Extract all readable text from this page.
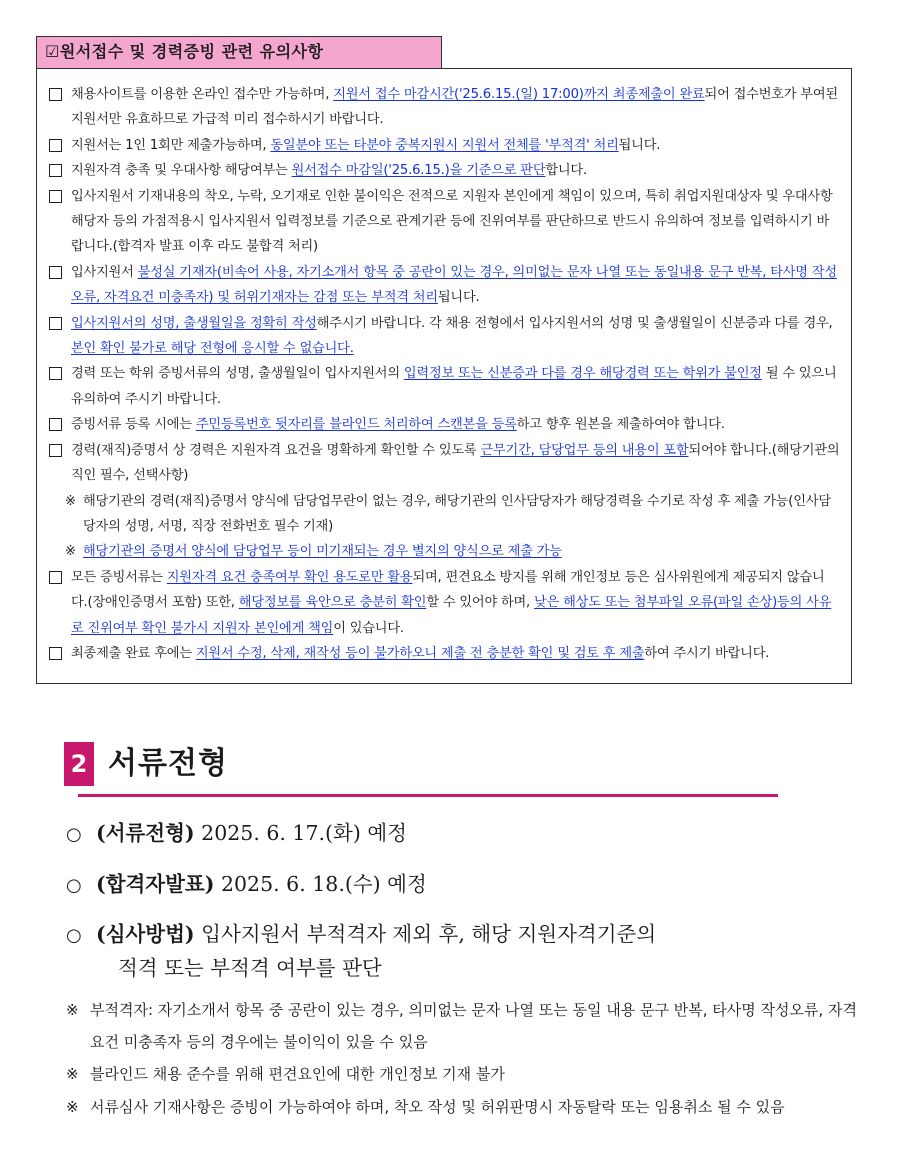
☑원서접수 및 경력증빙 관련 유의사항
채용사이트를 이용한 온라인 접수만 가능하며, 지원서 접수 마감시간('25.6.15.(일) 17:00)까지 최종제출이 완료되어 접수번호가 부여된 지원서만 유효하므로 가급적 미리 접수하시기 바랍니다.
지원서는 1인 1회만 제출가능하며, 동일분야 또는 타분야 중복지원시 지원서 전체를 '부적격' 처리됩니다.
지원자격 충족 및 우대사항 해당여부는 원서접수 마감일('25.6.15.)을 기준으로 판단합니다.
입사지원서 기재내용의 착오, 누락, 오기재로 인한 불이익은 전적으로 지원자 본인에게 책임이 있으며, 특히 취업지원대상자 및 우대사항 해당자 등의 가점적용시 입사지원서 입력정보를 기준으로 관계기관 등에 진위여부를 판단하므로 반드시 유의하여 정보를 입력하시기 바랍니다.(합격자 발표 이후 라도 불합격 처리)
입사지원서 불성실 기재자(비속어 사용, 자기소개서 항목 중 공란이 있는 경우, 의미없는 문자 나열 또는 동일내용 문구 반복, 타사명 작성오류, 자격요건 미충족자) 및 허위기재자는 감점 또는 부적격 처리됩니다.
입사지원서의 성명, 출생월일을 정확히 작성해주시기 바랍니다. 각 채용 전형에서 입사지원서의 성명 및 출생월일이 신분증과 다를 경우, 본인 확인 불가로 해당 전형에 응시할 수 없습니다.
경력 또는 학위 증빙서류의 성명, 출생월일이 입사지원서의 입력정보 또는 신분증과 다를 경우 해당경력 또는 학위가 불인정 될 수 있으니 유의하여 주시기 바랍니다.
증빙서류 등록 시에는 주민등록번호 뒷자리를 블라인드 처리하여 스캔본을 등록하고 향후 원본을 제출하여야 합니다.
경력(재직)증명서 상 경력은 지원자격 요건을 명확하게 확인할 수 있도록 근무기간, 담당업무 등의 내용이 포함되어야 합니다.(해당기관의 직인 필수, 선택사항)
※ 해당기관의 경력(재직)증명서 양식에 담당업무란이 없는 경우, 해당기관의 인사담당자가 해당경력을 수기로 작성 후 제출 가능(인사담당자의 성명, 서명, 직장 전화번호 필수 기재)
※ 해당기관의 증명서 양식에 담당업무 등이 미기재되는 경우 별지의 양식으로 제출 가능
모든 증빙서류는 지원자격 요건 충족여부 확인 용도로만 활용되며, 편견요소 방지를 위해 개인정보 등은 심사위원에게 제공되지 않습니다.(장애인증명서 포함) 또한, 해당정보를 육안으로 충분히 확인할 수 있어야 하며, 낮은 해상도 또는 첨부파일 오류(파일 손상)등의 사유로 진위여부 확인 불가시 지원자 본인에게 책임이 있습니다.
최종제출 완료 후에는 지원서 수정, 삭제, 재작성 등이 불가하오니 제출 전 충분한 확인 및 검토 후 제출하여 주시기 바랍니다.
2 서류전형
○ (서류전형) 2025. 6. 17.(화) 예정
○ (합격자발표) 2025. 6. 18.(수) 예정
○ (심사방법) 입사지원서 부적격자 제외 후, 해당 지원자격기준의
적격 또는 부적격 여부를 판단
※ 부적격자: 자기소개서 항목 중 공란이 있는 경우, 의미없는 문자 나열 또는 동일 내용 문구 반복, 타사명 작성오류, 자격요건 미충족자 등의 경우에는 불이익이 있을 수 있음
※ 블라인드 채용 준수를 위해 편견요인에 대한 개인정보 기재 불가
※ 서류심사 기재사항은 증빙이 가능하여야 하며, 착오 작성 및 허위판명시 자동탈락 또는 임용취소 될 수 있음
